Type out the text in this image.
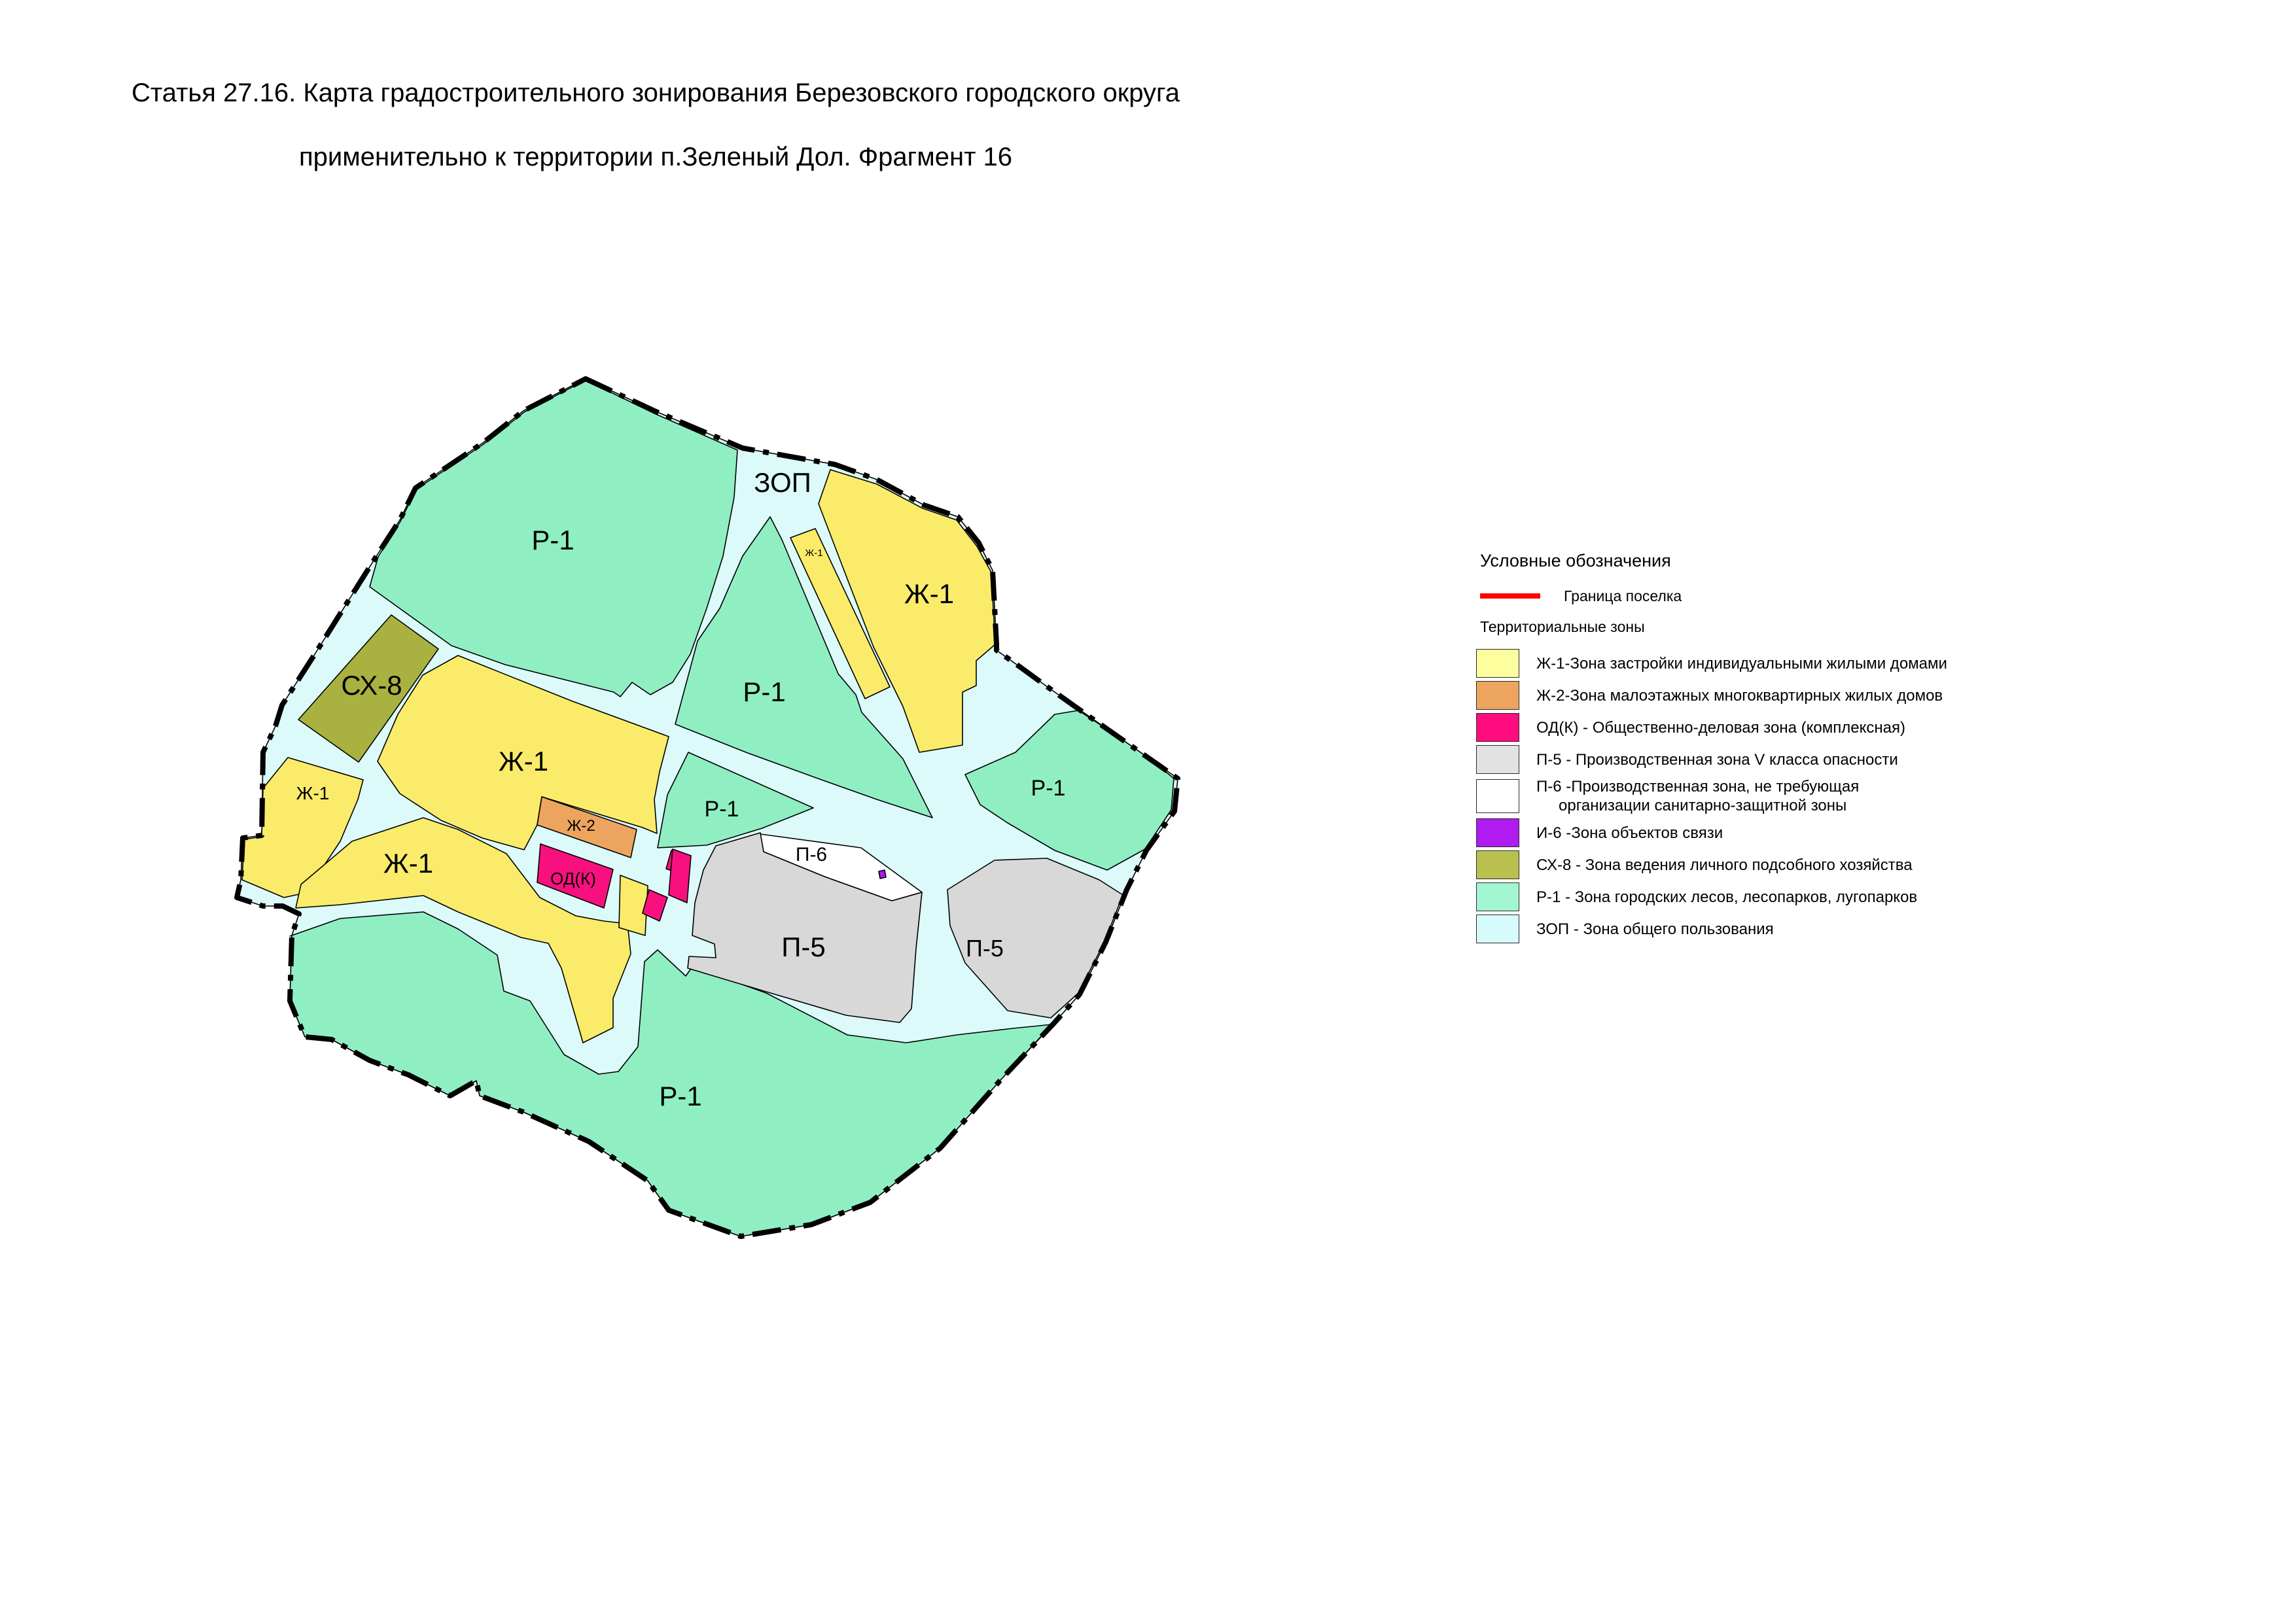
Статья 27.16. Карта градостроительного зонирования Березовского городского округа

применительно к территории п.Зеленый Дол. Фрагмент 16
ЗОП
Р-1
Ж-1
Ж-1
СХ-8	Р-1
Ж-1
Ж-1
Р-1
Ж-2
Р-1
ОД(К)
Ж-1	П-6
П-5	П-5
Р-1
Условные обозначения
Граница поселка
Территориальные зоны
Ж-1-Зона застройки индивидуальными жилыми домами
Ж-2-Зона малоэтажных многоквартирных жилых домов
ОД(К) - Общественно-деловая зона (комплексная)
П-5 - Производственная зона V класса опасности
П-6 -Производственная зона, не требующая
организации санитарно-защитной зоны
И-6 -Зона объектов связи
СХ-8 - Зона ведения личного подсобного хозяйства
Р-1 - Зона городских лесов, лесопарков, лугопарков
ЗОП - Зона общего пользования
